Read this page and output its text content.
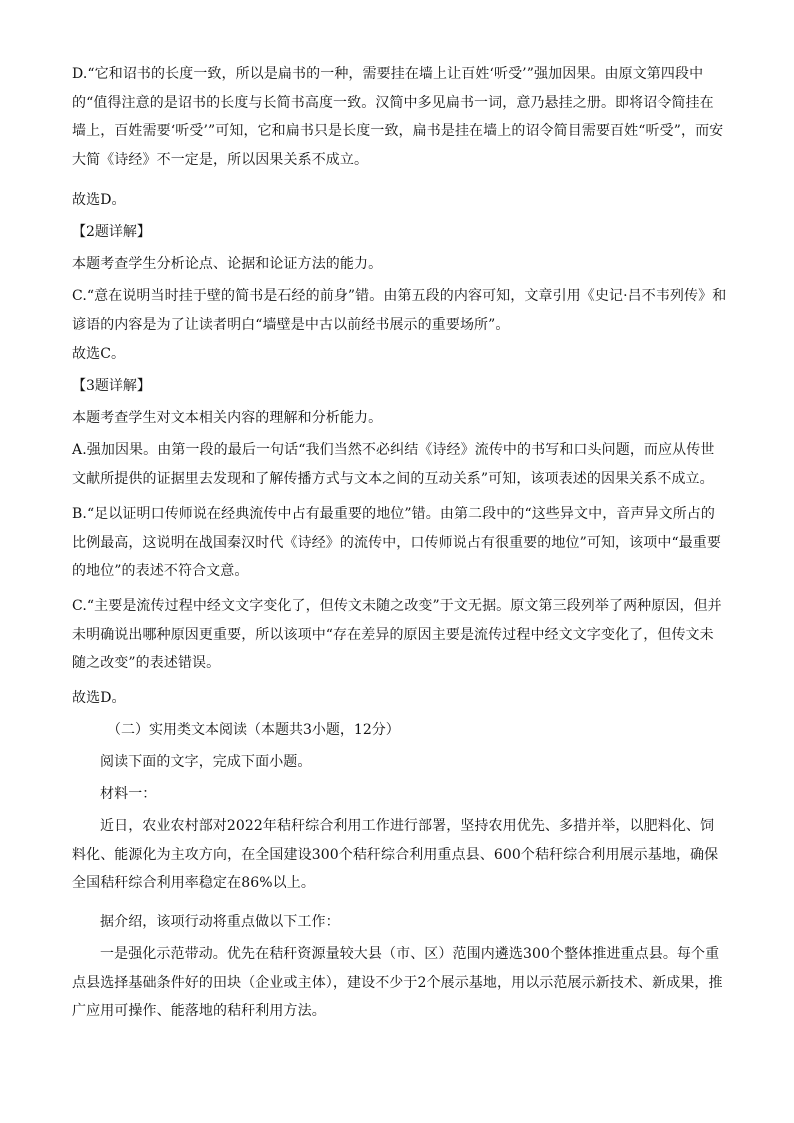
D.“它和诏书的长度一致，所以是扁书的一种，需要挂在墙上让百姓‘听受’”强加因果。由原文第四段中的“值得注意的是诏书的长度与长简书高度一致。汉简中多见扁书一词，意乃悬挂之册。即将诏令简挂在墙上，百姓需要‘听受’”可知，它和扁书只是长度一致，扁书是挂在墙上的诏令简目需要百姓“听受”，而安大简《诗经》不一定是，所以因果关系不成立。
故选D。
【2题详解】
本题考查学生分析论点、论据和论证方法的能力。
C.“意在说明当时挂于壁的简书是石经的前身”错。由第五段的内容可知，文章引用《史记·吕不韦列传》和谚语的内容是为了让读者明白“墙壁是中古以前经书展示的重要场所”。
故选C。
【3题详解】
本题考查学生对文本相关内容的理解和分析能力。
A.强加因果。由第一段的最后一句话“我们当然不必纠结《诗经》流传中的书写和口头问题，而应从传世文献所提供的证据里去发现和了解传播方式与文本之间的互动关系”可知，该项表述的因果关系不成立。
B.“足以证明口传师说在经典流传中占有最重要的地位”错。由第二段中的“这些异文中，音声异文所占的比例最高，这说明在战国秦汉时代《诗经》的流传中，口传师说占有很重要的地位”可知，该项中“最重要的地位”的表述不符合文意。
C.“主要是流传过程中经文文字变化了，但传文未随之改变”于文无据。原文第三段列举了两种原因，但并未明确说出哪种原因更重要，所以该项中“存在差异的原因主要是流传过程中经文文字变化了，但传文未随之改变”的表述错误。
故选D。
（二）实用类文本阅读（本题共3小题，12分）
阅读下面的文字，完成下面小题。
材料一：
近日，农业农村部对2022年秸秆综合利用工作进行部署，坚持农用优先、多措并举，以肥料化、饲料化、能源化为主攻方向，在全国建设300个秸秆综合利用重点县、600个秸秆综合利用展示基地，确保全国秸秆综合利用率稳定在86%以上。
据介绍，该项行动将重点做以下工作：
一是强化示范带动。优先在秸秆资源量较大县（市、区）范围内遴选300个整体推进重点县。每个重点县选择基础条件好的田块（企业或主体），建设不少于2个展示基地，用以示范展示新技术、新成果，推广应用可操作、能落地的秸秆利用方法。
